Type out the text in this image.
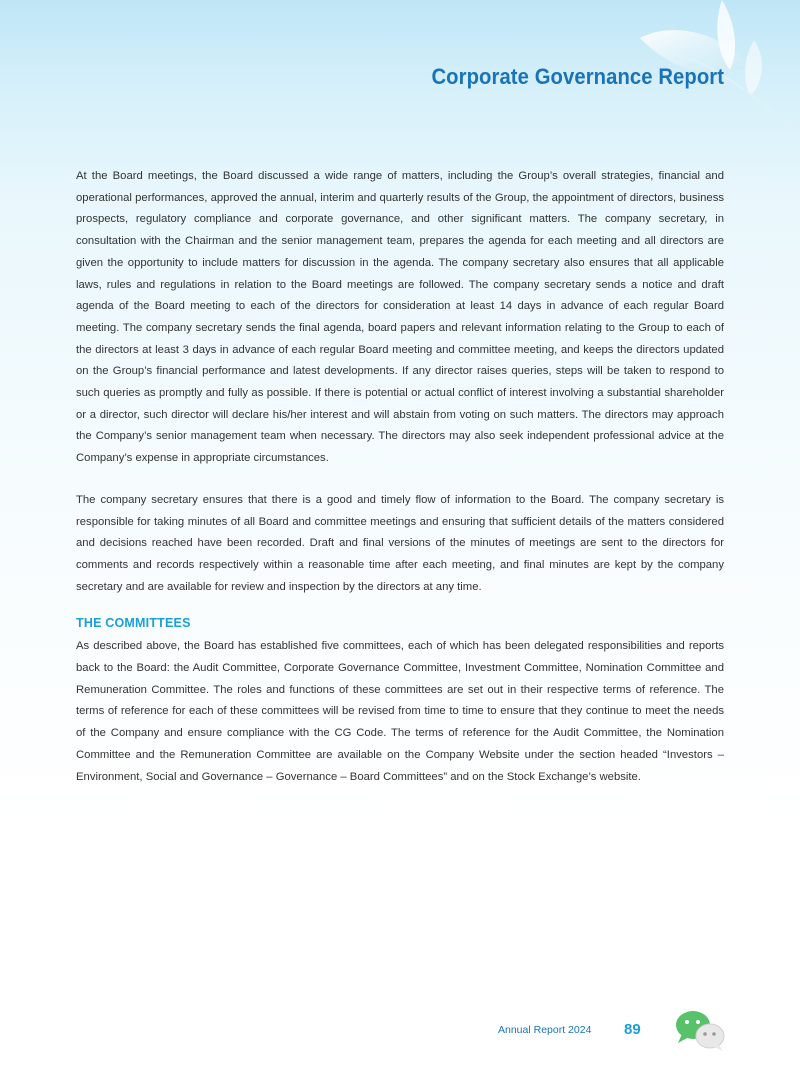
Corporate Governance Report

At the Board meetings, the Board discussed a wide range of matters, including the Group’s overall strategies, financial and operational performances, approved the annual, interim and quarterly results of the Group, the appointment of directors, business prospects, regulatory compliance and corporate governance, and other significant matters. The company secretary, in consultation with the Chairman and the senior management team, prepares the agenda for each meeting and all directors are given the opportunity to include matters for discussion in the agenda. The company secretary also ensures that all applicable laws, rules and regulations in relation to the Board meetings are followed. The company secretary sends a notice and draft agenda of the Board meeting to each of the directors for consideration at least 14 days in advance of each regular Board meeting. The company secretary sends the final agenda, board papers and relevant information relating to the Group to each of the directors at least 3 days in advance of each regular Board meeting and committee meeting, and keeps the directors updated on the Group’s financial performance and latest developments. If any director raises queries, steps will be taken to respond to such queries as promptly and fully as possible. If there is potential or actual conflict of interest involving a substantial shareholder or a director, such director will declare his/her interest and will abstain from voting on such matters. The directors may approach the Company’s senior management team when necessary. The directors may also seek independent professional advice at the Company’s expense in appropriate circumstances.

The company secretary ensures that there is a good and timely flow of information to the Board. The company secretary is responsible for taking minutes of all Board and committee meetings and ensuring that sufficient details of the matters considered and decisions reached have been recorded. Draft and final versions of the minutes of meetings are sent to the directors for comments and records respectively within a reasonable time after each meeting, and final minutes are kept by the company secretary and are available for review and inspection by the directors at any time.

THE COMMITTEES

As described above, the Board has established five committees, each of which has been delegated responsibilities and reports back to the Board: the Audit Committee, Corporate Governance Committee, Investment Committee, Nomination Committee and Remuneration Committee. The roles and functions of these committees are set out in their respective terms of reference. The terms of reference for each of these committees will be revised from time to time to ensure that they continue to meet the needs of the Company and ensure compliance with the CG Code. The terms of reference for the Audit Committee, the Nomination Committee and the Remuneration Committee are available on the Company Website under the section headed “Investors – Environment, Social and Governance – Governance – Board Committees” and on the Stock Exchange’s website.

Annual Report 2024 89
